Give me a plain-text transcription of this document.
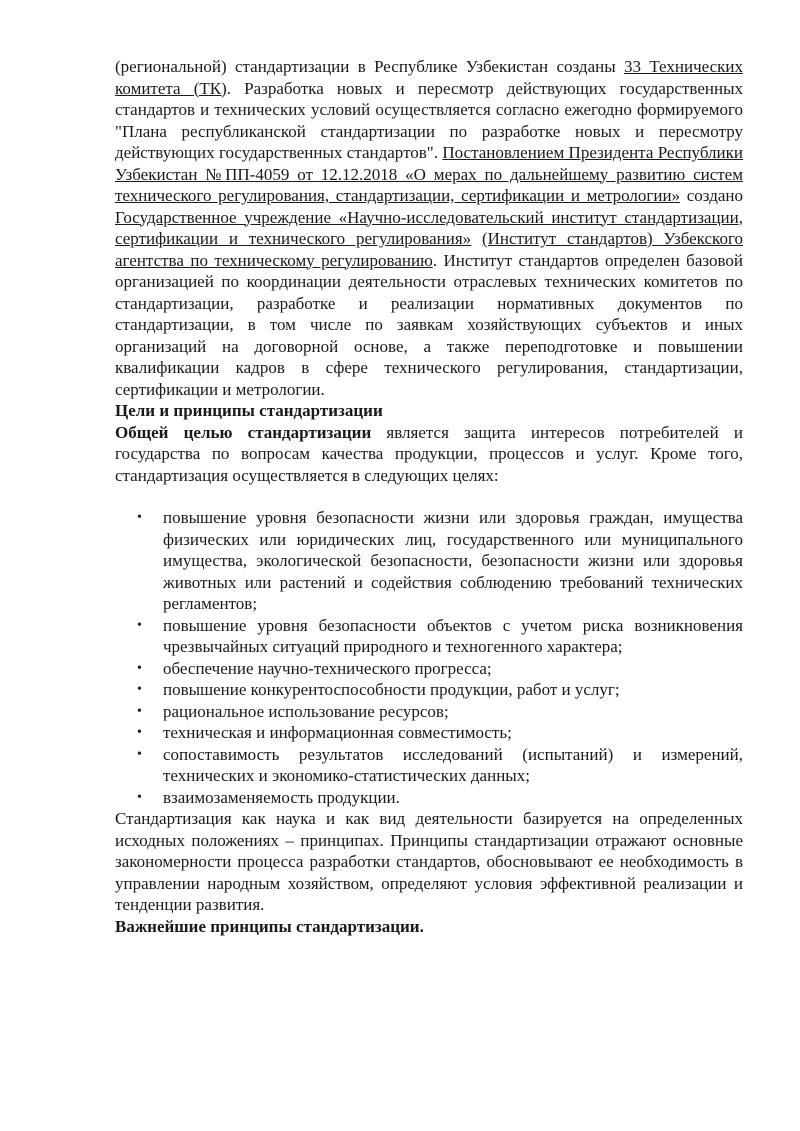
(региональной) стандартизации в Республике Узбекистан созданы 33 Технических комитета (ТК). Разработка новых и пересмотр действующих государственных стандартов и технических условий осуществляется согласно ежегодно формируемого "Плана республиканской стандартизации по разработке новых и пересмотру действующих государственных стандартов". Постановлением Президента Республики Узбекистан №ПП-4059 от 12.12.2018 «О мерах по дальнейшему развитию систем технического регулирования, стандартизации, сертификации и метрологии» создано Государственное учреждение «Научно-исследовательский институт стандартизации, сертификации и технического регулирования» (Институт стандартов) Узбекского агентства по техническому регулированию. Институт стандартов определен базовой организацией по координации деятельности отраслевых технических комитетов по стандартизации, разработке и реализации нормативных документов по стандартизации, в том числе по заявкам хозяйствующих субъектов и иных организаций на договорной основе, а также переподготовке и повышении квалификации кадров в сфере технического регулирования, стандартизации, сертификации и метрологии.

Цели и принципы стандартизации

Общей целью стандартизации является защита интересов потребителей и государства по вопросам качества продукции, процессов и услуг. Кроме того, стандартизация осуществляется в следующих целях:

• повышение уровня безопасности жизни или здоровья граждан, имущества физических или юридических лиц, государственного или муниципального имущества, экологической безопасности, безопасности жизни или здоровья животных или растений и содействия соблюдению требований технических регламентов;
• повышение уровня безопасности объектов с учетом риска возникновения чрезвычайных ситуаций природного и техногенного характера;
• обеспечение научно-технического прогресса;
• повышение конкурентоспособности продукции, работ и услуг;
• рациональное использование ресурсов;
• техническая и информационная совместимость;
• сопоставимость результатов исследований (испытаний) и измерений, технических и экономико-статистических данных;
• взаимозаменяемость продукции.

Стандартизация как наука и как вид деятельности базируется на определенных исходных положениях – принципах. Принципы стандартизации отражают основные закономерности процесса разработки стандартов, обосновывают ее необходимость в управлении народным хозяйством, определяют условия эффективной реализации и тенденции развития.

Важнейшие принципы стандартизации.
